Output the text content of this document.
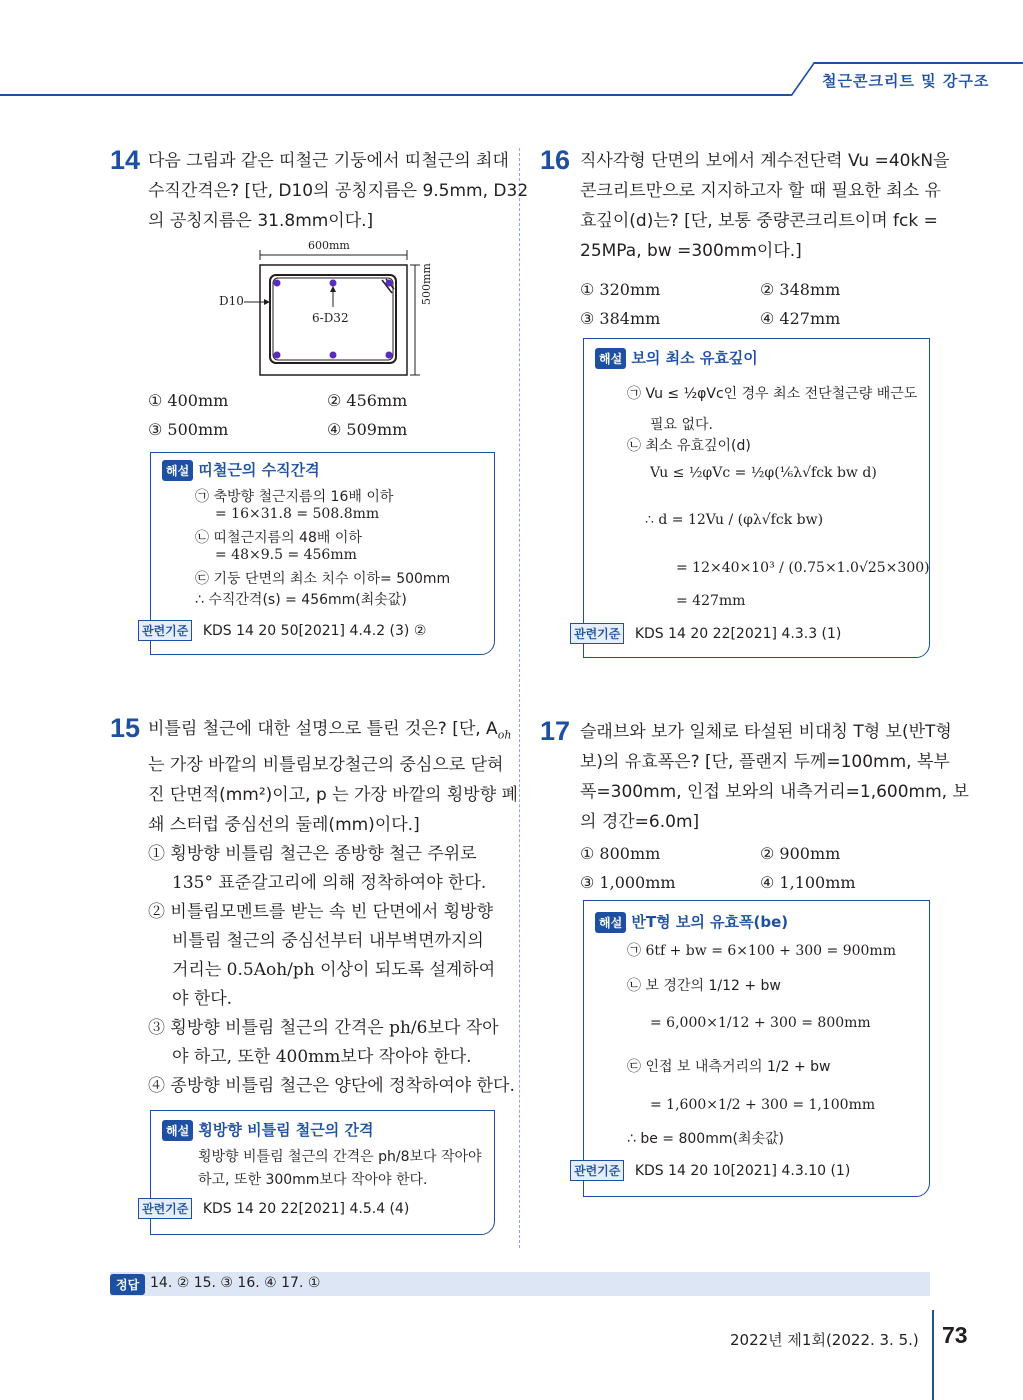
철근콘크리트 및 강구조
14 다음 그림과 같은 띠철근 기둥에서 띠철근의 최대
수직간격은? [단, D10의 공칭지름은 9.5mm, D32
의 공칭지름은 31.8mm이다.]
600mm
500mm
D10
6-D32
① 400mm	② 456mm
③ 500mm	④ 509mm
해설 띠철근의 수직간격
㉠ 축방향 철근지름의 16배 이하
= 16×31.8 = 508.8mm
㉡ 띠철근지름의 48배 이하
= 48×9.5 = 456mm
㉢ 기둥 단면의 최소 치수 이하= 500mm
∴ 수직간격(s) = 456mm(최솟값)
관련기준 KDS 14 20 50[2021] 4.4.2 (3) ②
15 비틀림 철근에 대한 설명으로 틀린 것은? [단, $A_{oh}$
는 가장 바깥의 비틀림보강철근의 중심으로 닫혀
진 단면적(mm²)이고, p 는 가장 바깥의 횡방향 폐
쇄 스터럽 중심선의 둘레(mm)이다.]
① 횡방향 비틀림 철근은 종방향 철근 주위로
135° 표준갈고리에 의해 정착하여야 한다.
② 비틀림모멘트를 받는 속 빈 단면에서 횡방향
비틀림 철근의 중심선부터 내부벽면까지의
거리는 0.5Aoh/ph 이상이 되도록 설계하여
야 한다.
③ 횡방향 비틀림 철근의 간격은 ph/6보다 작아
야 하고, 또한 400mm보다 작아야 한다.
④ 종방향 비틀림 철근은 양단에 정착하여야 한다.
해설 횡방향 비틀림 철근의 간격
횡방향 비틀림 철근의 간격은 ph/8보다 작아야
하고, 또한 300mm보다 작아야 한다.
관련기준 KDS 14 20 22[2021] 4.5.4 (4)
16 직사각형 단면의 보에서 계수전단력 Vu =40kN을
콘크리트만으로 지지하고자 할 때 필요한 최소 유
효깊이(d)는? [단, 보통 중량콘크리트이며 fck =
25MPa, bw =300mm이다.]
① 320mm	② 348mm
③ 384mm	④ 427mm
해설 보의 최소 유효깊이
㉠ Vu ≤ ½φVc인 경우 최소 전단철근량 배근도
필요 없다.
㉡ 최소 유효깊이(d)
Vu ≤ ½φVc = ½φ(⅙λ√fck bw d)
∴ d = 12Vu / (φλ√fck bw)
= 12×40×10³ / (0.75×1.0√25×300)
= 427mm
관련기준 KDS 14 20 22[2021] 4.3.3 (1)
17 슬래브와 보가 일체로 타설된 비대칭 T형 보(반T형
보)의 유효폭은? [단, 플랜지 두께=100mm, 복부
폭=300mm, 인접 보와의 내측거리=1,600mm, 보
의 경간=6.0m]
① 800mm	② 900mm
③ 1,000mm	④ 1,100mm
해설 반T형 보의 유효폭(be)
㉠ 6tf + bw = 6×100 + 300 = 900mm
㉡ 보 경간의 1/12 + bw
= 6,000×1/12 + 300 = 800mm
㉢ 인접 보 내측거리의 1/2 + bw
= 1,600×1/2 + 300 = 1,100mm
∴ be = 800mm(최솟값)
관련기준 KDS 14 20 10[2021] 4.3.10 (1)
정답 14. ② 15. ③ 16. ④ 17. ①
2022년 제1회(2022. 3. 5.) 73
